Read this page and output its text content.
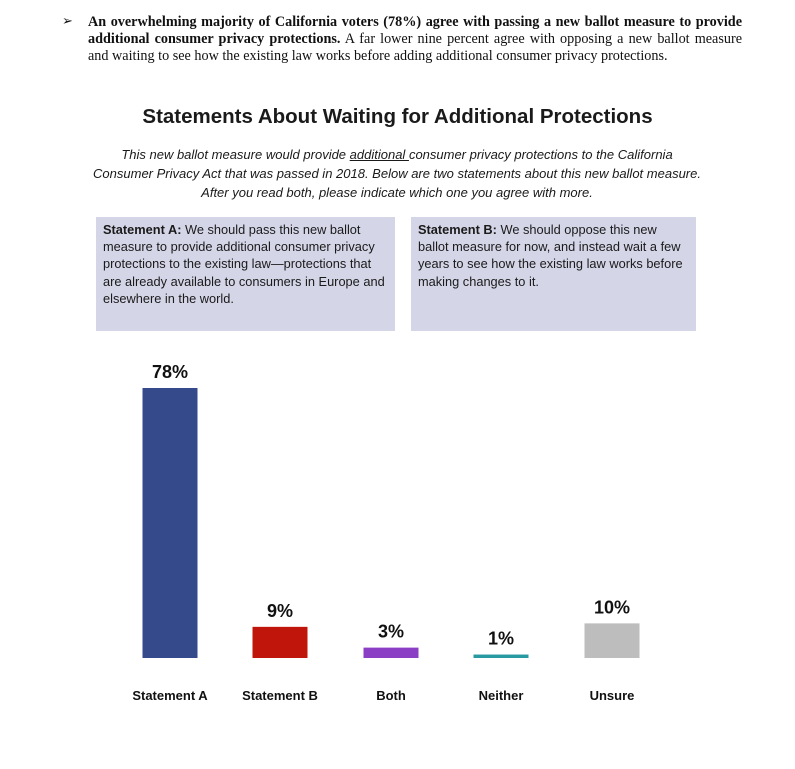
➢ An overwhelming majority of California voters (78%) agree with passing a new ballot measure to provide additional consumer privacy protections. A far lower nine percent agree with opposing a new ballot measure and waiting to see how the existing law works before adding additional consumer privacy protections.
Statements About Waiting for Additional Protections
This new ballot measure would provide additional consumer privacy protections to the California Consumer Privacy Act that was passed in 2018. Below are two statements about this new ballot measure. After you read both, please indicate which one you agree with more.
Statement A: We should pass this new ballot measure to provide additional consumer privacy protections to the existing law—protections that are already available to consumers in Europe and elsewhere in the world.
Statement B: We should oppose this new ballot measure for now, and instead wait a few years to see how the existing law works before making changes to it.
78%
Statement A
9%
Statement B
3%
Both
1%
Neither
10%
Unsure
